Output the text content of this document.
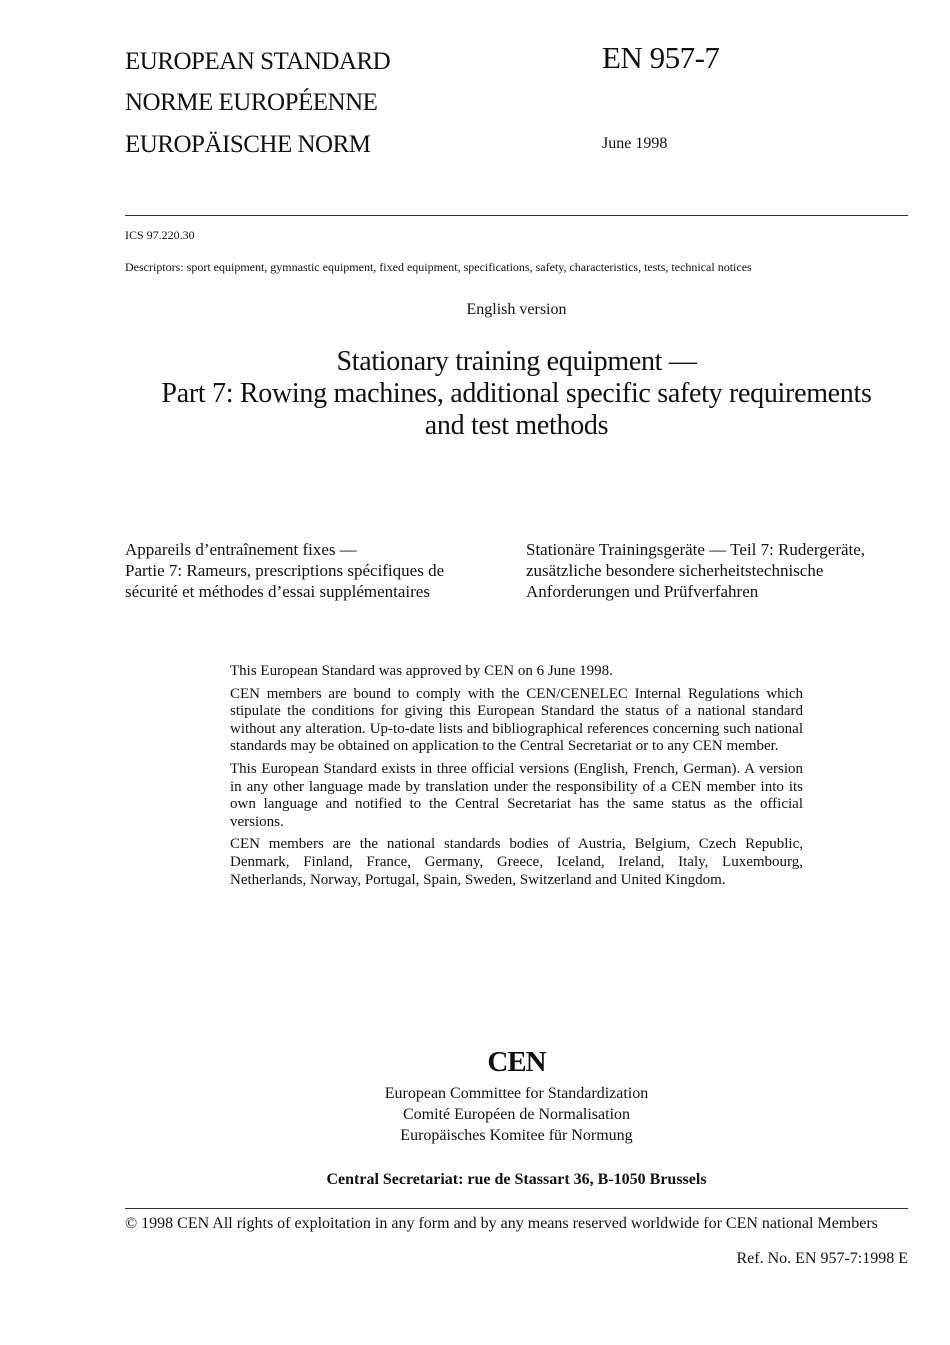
EUROPEAN STANDARD
NORME EUROPÉENNE
EUROPÄISCHE NORM
EN 957-7
June 1998
ICS 97.220.30
Descriptors: sport equipment, gymnastic equipment, fixed equipment, specifications, safety, characteristics, tests, technical notices
English version
Stationary training equipment —
Part 7: Rowing machines, additional specific safety requirements
and test methods
Appareils d’entraînement fixes —
Partie 7: Rameurs, prescriptions spécifiques de
sécurité et méthodes d’essai supplémentaires
Stationäre Trainingsgeräte — Teil 7: Rudergeräte,
zusätzliche besondere sicherheitstechnische
Anforderungen und Prüfverfahren

This European Standard was approved by CEN on 6 June 1998.

CEN members are bound to comply with the CEN/CENELEC Internal Regulations which stipulate the conditions for giving this European Standard the status of a national standard without any alteration. Up-to-date lists and bibliographical references concerning such national standards may be obtained on application to the Central Secretariat or to any CEN member.

This European Standard exists in three official versions (English, French, German). A version in any other language made by translation under the responsibility of a CEN member into its own language and notified to the Central Secretariat has the same status as the official versions.

CEN members are the national standards bodies of Austria, Belgium, Czech Republic, Denmark, Finland, France, Germany, Greece, Iceland, Ireland, Italy, Luxembourg, Netherlands, Norway, Portugal, Spain, Sweden, Switzerland and United Kingdom.

CEN
European Committee for Standardization
Comité Européen de Normalisation
Europäisches Komitee für Normung
Central Secretariat: rue de Stassart 36, B-1050 Brussels
© 1998 CEN All rights of exploitation in any form and by any means reserved worldwide for CEN national Members
Ref. No. EN 957-7:1998 E
